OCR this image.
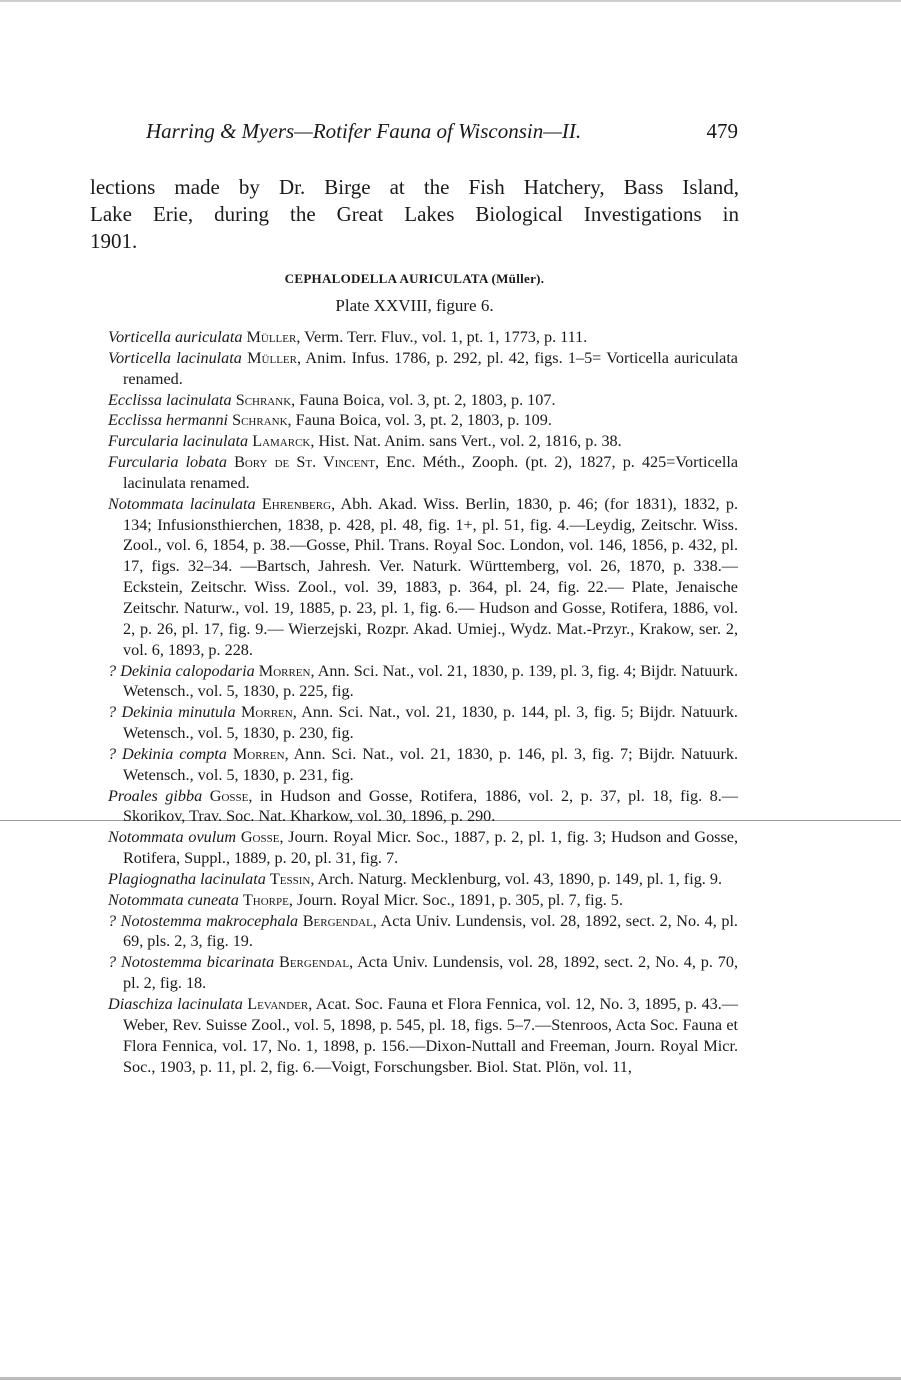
Harring & Myers—Rotifer Fauna of Wisconsin—II.	479
lections made by Dr. Birge at the Fish Hatchery, Bass Island,
Lake Erie, during the Great Lakes Biological Investigations in
1901.
CEPHALODELLA AURICULATA (Müller).
Plate XXVIII, figure 6.

Vorticella auriculata Müller, Verm. Terr. Fluv., vol. 1, pt. 1, 1773, p. 111.

Vorticella lacinulata Müller, Anim. Infus. 1786, p. 292, pl. 42, figs. 1–5= Vorticella auriculata renamed.

Ecclissa lacinulata Schrank, Fauna Boica, vol. 3, pt. 2, 1803, p. 107.

Ecclissa hermanni Schrank, Fauna Boica, vol. 3, pt. 2, 1803, p. 109.

Furcularia lacinulata Lamarck, Hist. Nat. Anim. sans Vert., vol. 2, 1816, p. 38.

Furcularia lobata Bory de St. Vincent, Enc. Méth., Zooph. (pt. 2), 1827, p. 425=Vorticella lacinulata renamed.

Notommata lacinulata Ehrenberg, Abh. Akad. Wiss. Berlin, 1830, p. 46; (for 1831), 1832, p. 134; Infusionsthierchen, 1838, p. 428, pl. 48, fig. 1+, pl. 51, fig. 4.—Leydig, Zeitschr. Wiss. Zool., vol. 6, 1854, p. 38.—Gosse, Phil. Trans. Royal Soc. London, vol. 146, 1856, p. 432, pl. 17, figs. 32–34. —Bartsch, Jahresh. Ver. Naturk. Württemberg, vol. 26, 1870, p. 338.— Eckstein, Zeitschr. Wiss. Zool., vol. 39, 1883, p. 364, pl. 24, fig. 22.— Plate, Jenaische Zeitschr. Naturw., vol. 19, 1885, p. 23, pl. 1, fig. 6.— Hudson and Gosse, Rotifera, 1886, vol. 2, p. 26, pl. 17, fig. 9.— Wierzejski, Rozpr. Akad. Umiej., Wydz. Mat.-Przyr., Krakow, ser. 2, vol. 6, 1893, p. 228.

? Dekinia calopodaria Morren, Ann. Sci. Nat., vol. 21, 1830, p. 139, pl. 3, fig. 4; Bijdr. Natuurk. Wetensch., vol. 5, 1830, p. 225, fig.

? Dekinia minutula Morren, Ann. Sci. Nat., vol. 21, 1830, p. 144, pl. 3, fig. 5; Bijdr. Natuurk. Wetensch., vol. 5, 1830, p. 230, fig.

? Dekinia compta Morren, Ann. Sci. Nat., vol. 21, 1830, p. 146, pl. 3, fig. 7; Bijdr. Natuurk. Wetensch., vol. 5, 1830, p. 231, fig.

Proales gibba Gosse, in Hudson and Gosse, Rotifera, 1886, vol. 2, p. 37, pl. 18, fig. 8.—Skorikov, Trav. Soc. Nat. Kharkow, vol. 30, 1896, p. 290.

Notommata ovulum Gosse, Journ. Royal Micr. Soc., 1887, p. 2, pl. 1, fig. 3; Hudson and Gosse, Rotifera, Suppl., 1889, p. 20, pl. 31, fig. 7.

Plagiognatha lacinulata Tessin, Arch. Naturg. Mecklenburg, vol. 43, 1890, p. 149, pl. 1, fig. 9.

Notommata cuneata Thorpe, Journ. Royal Micr. Soc., 1891, p. 305, pl. 7, fig. 5.

? Notostemma makrocephala Bergendal, Acta Univ. Lundensis, vol. 28, 1892, sect. 2, No. 4, pl. 69, pls. 2, 3, fig. 19.

? Notostemma bicarinata Bergendal, Acta Univ. Lundensis, vol. 28, 1892, sect. 2, No. 4, p. 70, pl. 2, fig. 18.

Diaschiza lacinulata Levander, Acat. Soc. Fauna et Flora Fennica, vol. 12, No. 3, 1895, p. 43.—Weber, Rev. Suisse Zool., vol. 5, 1898, p. 545, pl. 18, figs. 5–7.—Stenroos, Acta Soc. Fauna et Flora Fennica, vol. 17, No. 1, 1898, p. 156.—Dixon-Nuttall and Freeman, Journ. Royal Micr. Soc., 1903, p. 11, pl. 2, fig. 6.—Voigt, Forschungsber. Biol. Stat. Plön, vol. 11,
